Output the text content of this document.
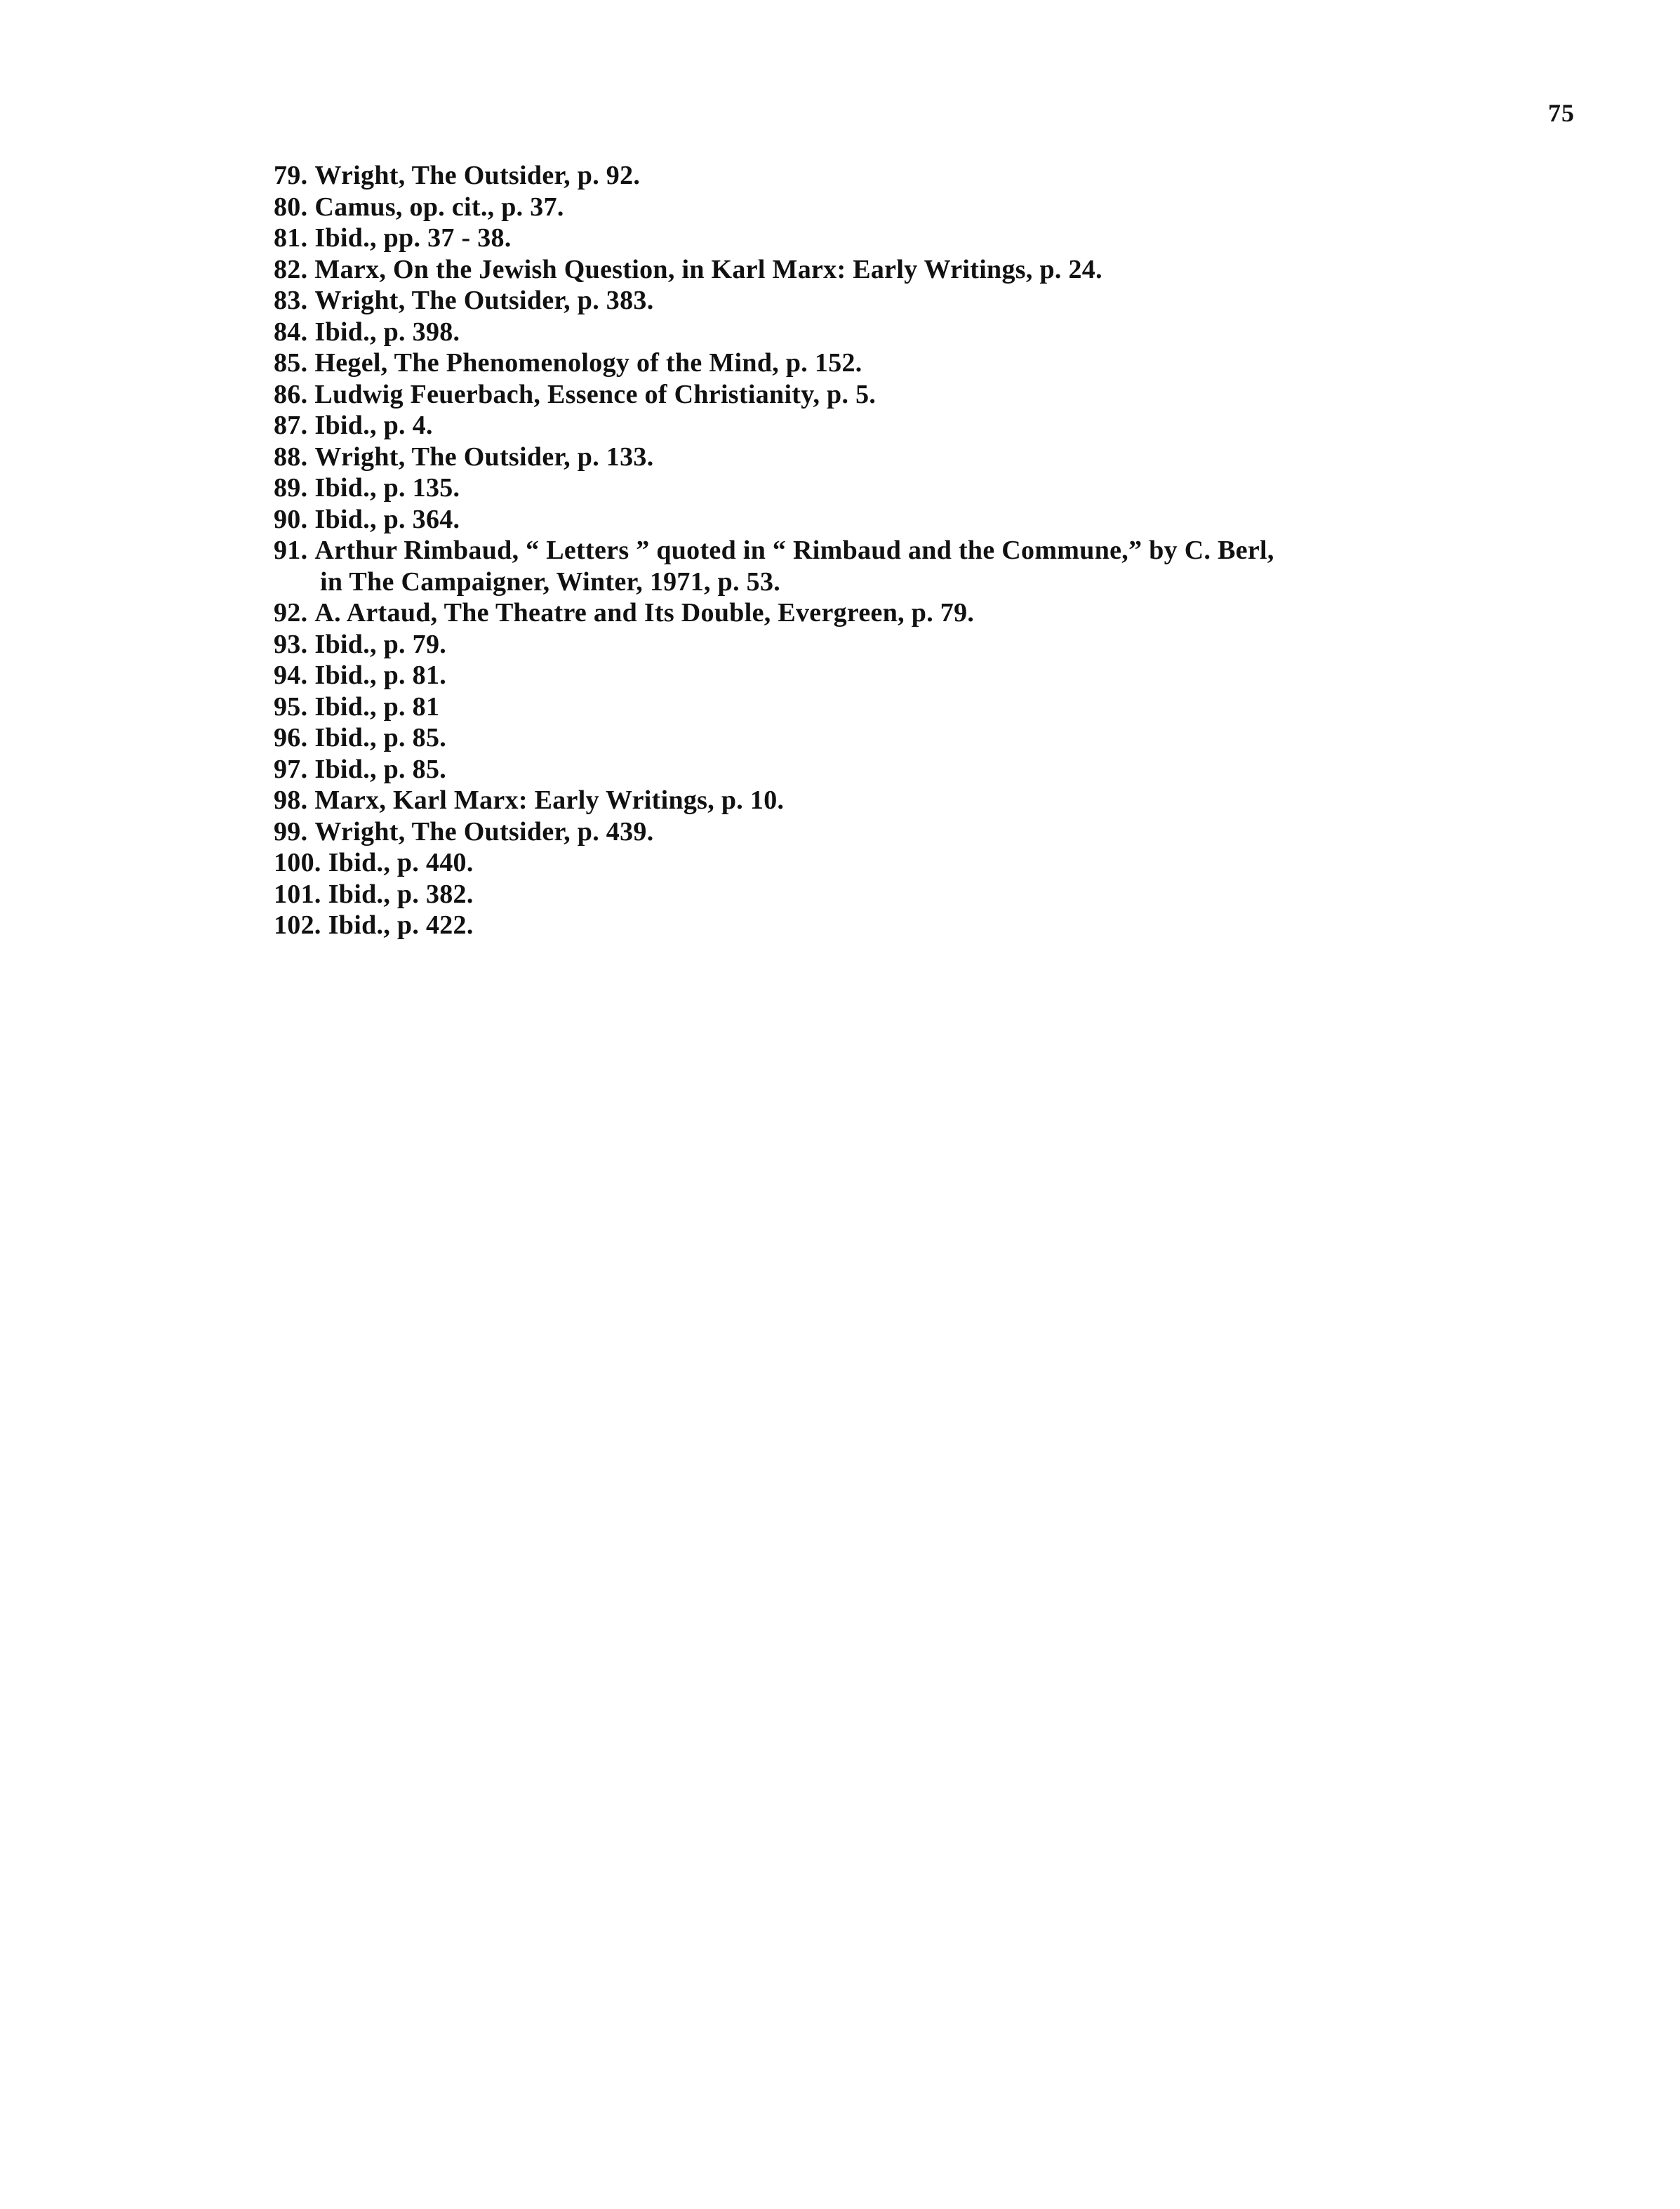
75
79. Wright, The Outsider, p. 92.
80. Camus, op. cit., p. 37.
81. Ibid., pp. 37 - 38.
82. Marx, On the Jewish Question, in Karl Marx: Early Writings, p. 24.
83. Wright, The Outsider, p. 383.
84. Ibid., p. 398.
85. Hegel, The Phenomenology of the Mind, p. 152.
86. Ludwig Feuerbach, Essence of Christianity, p. 5.
87. Ibid., p. 4.
88. Wright, The Outsider, p. 133.
89. Ibid., p. 135.
90. Ibid., p. 364.
91. Arthur Rimbaud, “ Letters ” quoted in “ Rimbaud and the Commune,” by C. Berl,
in The Campaigner, Winter, 1971, p. 53.
92. A. Artaud, The Theatre and Its Double, Evergreen, p. 79.
93. Ibid., p. 79.
94. Ibid., p. 81.
95. Ibid., p. 81
96. Ibid., p. 85.
97. Ibid., p. 85.
98. Marx, Karl Marx: Early Writings, p. 10.
99. Wright, The Outsider, p. 439.
100. Ibid., p. 440.
101. Ibid., p. 382.
102. Ibid., p. 422.
